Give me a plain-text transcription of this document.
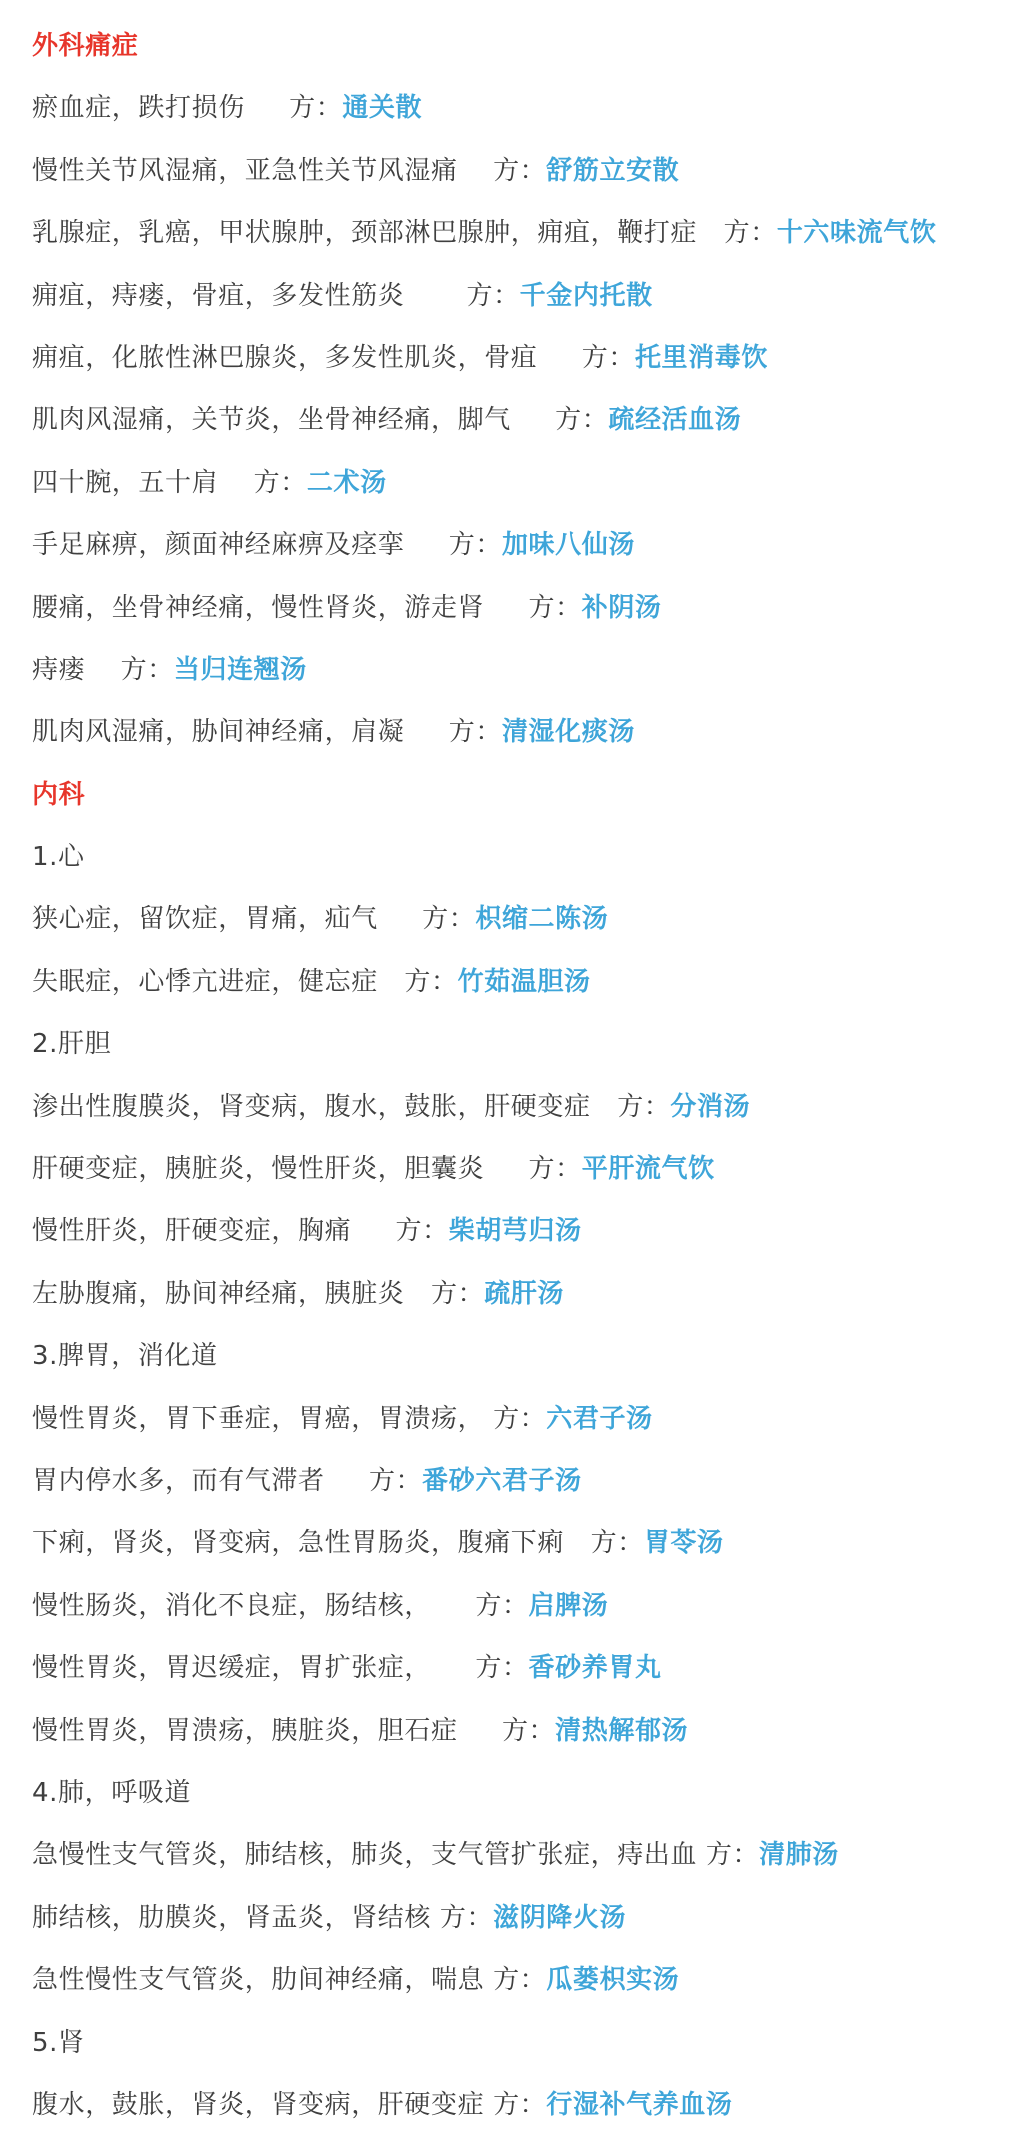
外科痛症
瘀血症，跌打损伤 方：通关散
慢性关节风湿痛，亚急性关节风湿痛 方：舒筋立安散
乳腺症，乳癌，甲状腺肿，颈部淋巴腺肿，痈疽，鞭打症 方：十六味流气饮
痈疽，痔瘘，骨疽，多发性筋炎 方：千金内托散
痈疽，化脓性淋巴腺炎，多发性肌炎，骨疽 方：托里消毒饮
肌肉风湿痛，关节炎，坐骨神经痛，脚气 方：疏经活血汤
四十腕，五十肩 方：二术汤
手足麻痹，颜面神经麻痹及痉挛 方：加味八仙汤
腰痛，坐骨神经痛，慢性肾炎，游走肾 方：补阴汤
痔瘘 方：当归连翘汤
肌肉风湿痛，胁间神经痛，肩凝 方：清湿化痰汤
内科
1.心
狭心症，留饮症，胃痛，疝气 方：枳缩二陈汤
失眠症，心悸亢进症，健忘症 方：竹茹温胆汤
2.肝胆
渗出性腹膜炎，肾变病，腹水，鼓胀，肝硬变症 方：分消汤
肝硬变症，胰脏炎，慢性肝炎，胆囊炎 方：平肝流气饮
慢性肝炎，肝硬变症，胸痛 方：柴胡芎归汤
左胁腹痛，胁间神经痛，胰脏炎 方：疏肝汤
3.脾胃，消化道
慢性胃炎，胃下垂症，胃癌，胃溃疡， 方：六君子汤
胃内停水多，而有气滞者 方：番砂六君子汤
下痢，肾炎，肾变病，急性胃肠炎，腹痛下痢 方：胃苓汤
慢性肠炎，消化不良症，肠结核， 方：启脾汤
慢性胃炎，胃迟缓症，胃扩张症， 方：香砂养胃丸
慢性胃炎，胃溃疡，胰脏炎，胆石症 方：清热解郁汤
4.肺，呼吸道
急慢性支气管炎，肺结核，肺炎，支气管扩张症，痔出血 方：清肺汤
肺结核，肋膜炎，肾盂炎，肾结核 方：滋阴降火汤
急性慢性支气管炎，肋间神经痛，喘息 方：瓜蒌枳实汤
5.肾
腹水，鼓胀，肾炎，肾变病，肝硬变症 方：行湿补气养血汤
